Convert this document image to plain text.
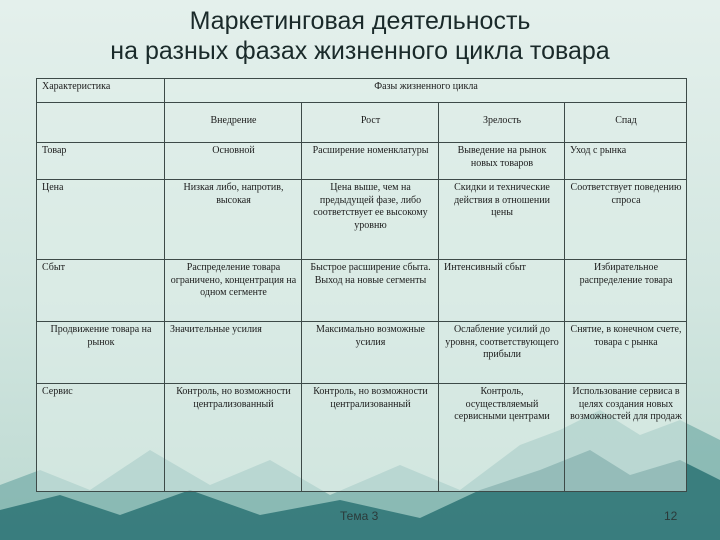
Маркетинговая деятельность
на разных фазах жизненного цикла товара
Характеристика	Фазы жизненного цикла			
	Внедрение	Рост	Зрелость	Спад
Товар	Основной	Расширение номенклатуры	Выведение на рынок новых товаров	Уход с рынка
Цена	Низкая либо, напротив, высокая	Цена выше, чем на предыдущей фазе, либо соответствует ее высокому уровню	Скидки и технические действия в отношении цены	Соответствует поведению спроса
Сбыт	Распределение товара ограничено, концентрация на одном сегменте	Быстрое расширение сбыта. Выход на новые сегменты	Интенсивный сбыт	Избирательное распределение товара
Продвижение товара на рынок	Значительные усилия	Максимально возможные усилия	Ослабление усилий до уровня, соответствующего прибыли	Снятие, в конечном счете, товара с рынка
Сервис	Контроль, но возможности централизованный	Контроль, но возможности централизованный	Контроль, осуществляемый сервисными центрами	Использование сервиса в целях создания новых возможностей для продаж
Тема 3	12
